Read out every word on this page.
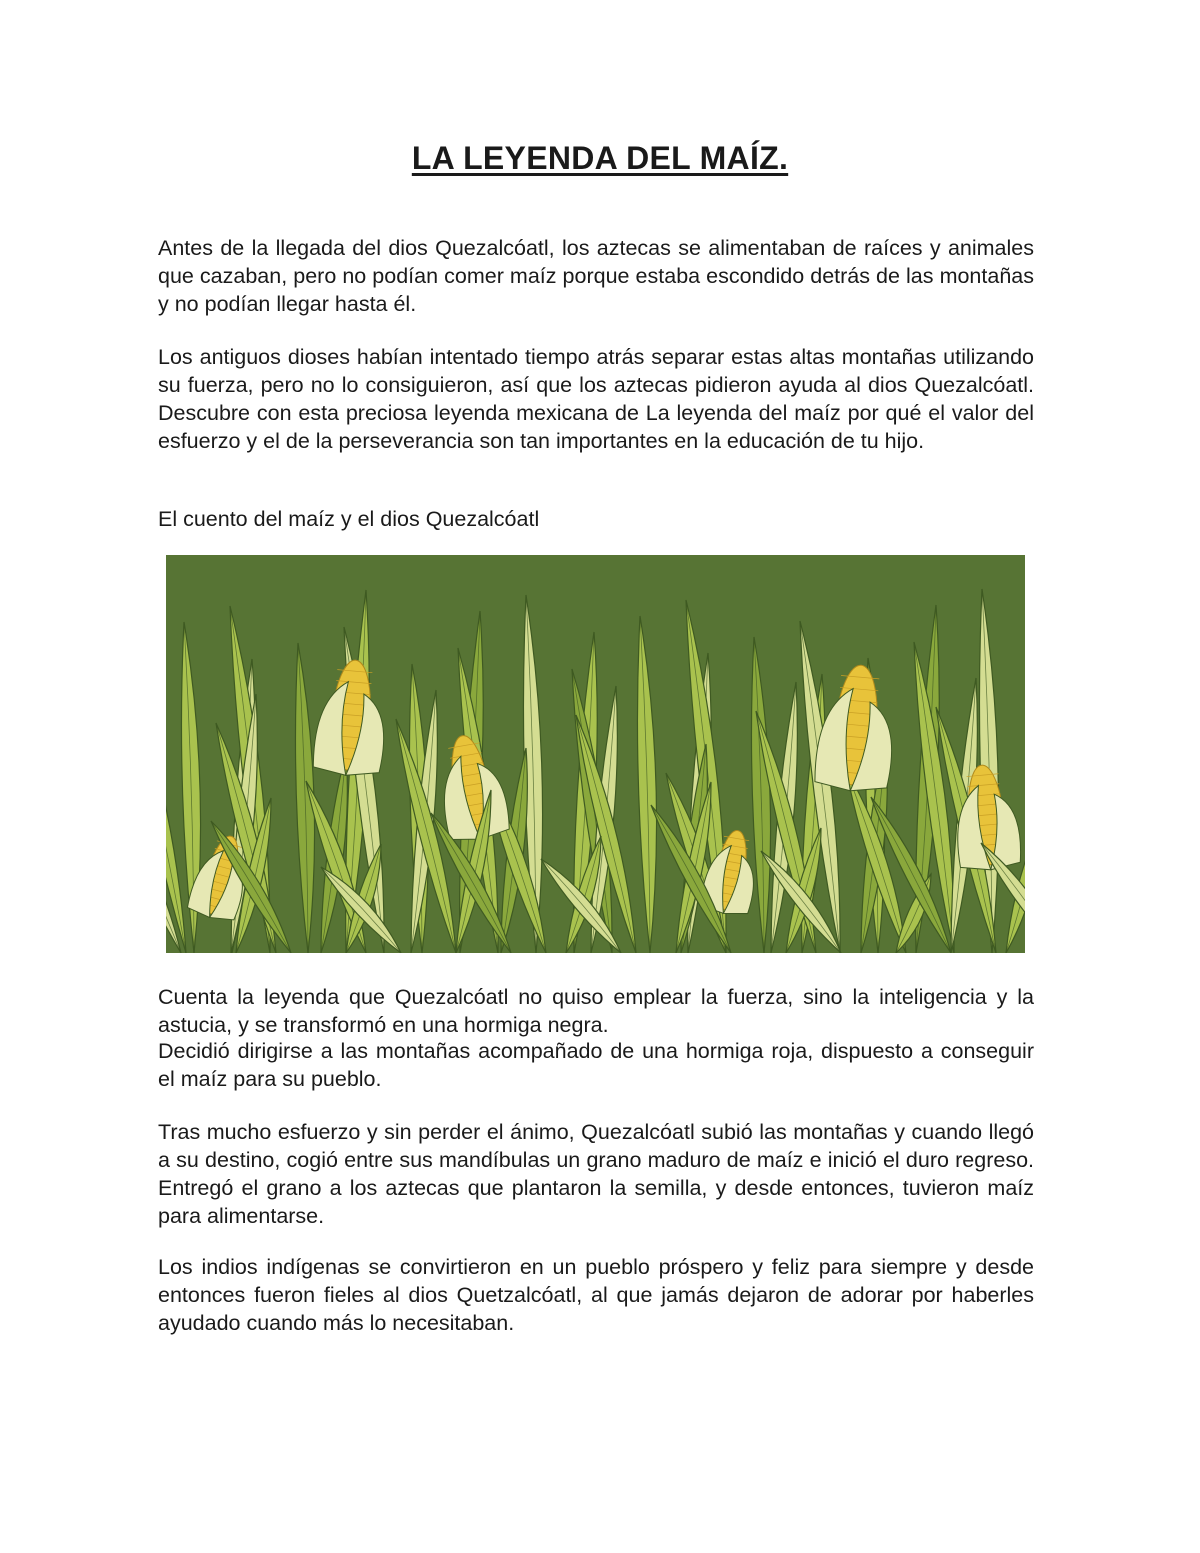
LA LEYENDA DEL MAÍZ.

Antes de la llegada del dios Quezalcóatl, los aztecas se alimentaban de raíces y animales que cazaban, pero no podían comer maíz porque estaba escondido detrás de las montañas y no podían llegar hasta él.

Los antiguos dioses habían intentado tiempo atrás separar estas altas montañas utilizando su fuerza, pero no lo consiguieron, así que los aztecas pidieron ayuda al dios Quezalcóatl. Descubre con esta preciosa leyenda mexicana de La leyenda del maíz por qué el valor del esfuerzo y el de la perseverancia son tan importantes en la educación de tu hijo.

El cuento del maíz y el dios Quezalcóatl

Cuenta la leyenda que Quezalcóatl no quiso emplear la fuerza, sino la inteligencia y la astucia, y se transformó en una hormiga negra.

Decidió dirigirse a las montañas acompañado de una hormiga roja, dispuesto a conseguir el maíz para su pueblo.

Tras mucho esfuerzo y sin perder el ánimo, Quezalcóatl subió las montañas y cuando llegó a su destino, cogió entre sus mandíbulas un grano maduro de maíz e inició el duro regreso. Entregó el grano a los aztecas que plantaron la semilla, y desde entonces, tuvieron maíz para alimentarse.

Los indios indígenas se convirtieron en un pueblo próspero y feliz para siempre y desde entonces fueron fieles al dios Quetzalcóatl, al que jamás dejaron de adorar por haberles ayudado cuando más lo necesitaban.
